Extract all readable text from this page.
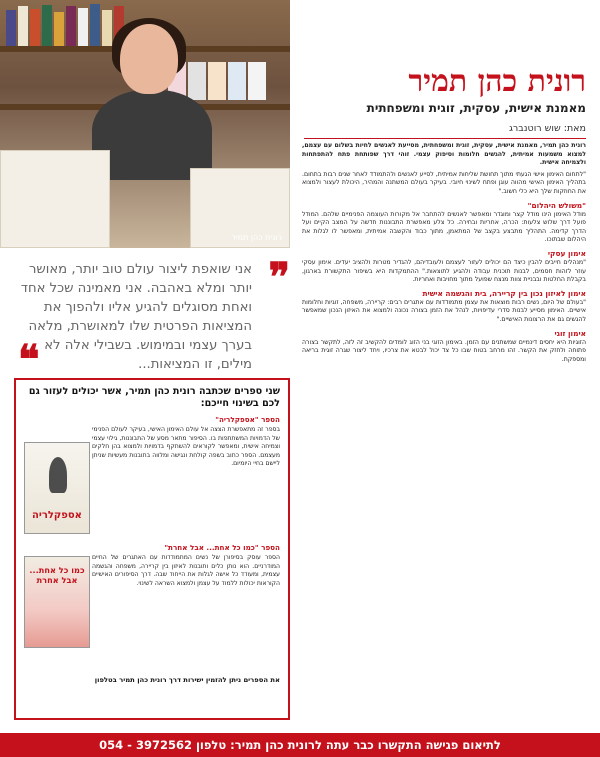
רונית כהן תמיר
רונית כהן תמיר
מאמנת אישית, עסקית, זוגית ומשפחתית
מאת: שוש רוטנברג

רונית כהן תמיר, מאמנת אישית, עסקית, זוגית ומשפחתית, מסייעת לאנשים לחיות בשלום עם עצמם, למצוא משמעות אמיתית, להגשים חלומות וסיפוק עצמי. זוהי דרך שפותחת פתח להתפתחות ולצמיחה אישית.

"לתחום האימון אישי הגעתי מתוך תחושת שליחות אמיתית, לסייע לאנשים ולהתמודד לאחר שנים רבות בתחום. בתהליך האימון האישי מהווה עוגן ופתח לשינוי חיובי. בעיקר בעולם המשתנה והמהיר, היכולת לעצור ולמצוא את החוזקות שלך היא כלי חשוב."

"משולש היהלום"

מודל האימון הינו מודל קצר ומוגדר ומאפשר לאנשים להתחבר אל מקורות העוצמה הפנימיים שלהם. המודל פועל דרך שלוש צלעות: הכרה, אחריות ובחירה. כל צלע מאפשרת התבוננות חדשה על המצב הקיים ועל הדרך קדימה. התהליך מתבצע בקצב של המתאמן, מתוך כבוד והקשבה אמיתית, ומאפשר לו לגלות את היהלום שבתוכו.

אימון עסקי

"מנהלים חייבים להבין כיצד הם יכולים לעזור לעצמם ולעובדיהם, להגדיר מטרות ולהציב יעדים. אימון עסקי עוזר לזהות חסמים, לבנות תוכנית עבודה ולהגיע לתוצאות." ההתמקדות היא בשיפור התקשורת בארגון, בקבלת החלטות ובבניית צוות מנצח שפועל מתוך מחויבות ואחריות.

אימון לאיזון נכון בין קריירה, בית והגשמה אישית

"בעולם של היום, נשים רבות מוצאות את עצמן מתמודדות עם אתגרים רבים: קריירה, משפחה, זוגיות וחלומות אישיים. האימון מסייע לבנות סדרי עדיפויות, לנהל את הזמן בצורה נכונה ולמצוא את האיזון הנכון שמאפשר להגשים גם את הרצונות האישיים."

אימון זוגי

הזוגיות היא יחסים דינמיים שמשתנים עם הזמן. באימון הזוגי בני הזוג לומדים להקשיב זה לזה, לתקשר בצורה פתוחה ולחזק את הקשר. זהו מרחב בטוח שבו כל צד יכול לבטא את צרכיו, ויחד ליצור שגרה זוגית בריאה ומספקת.

❞

אני שואפת ליצור עולם טוב יותר, מאושר יותר ומלא באהבה. אני מאמינה שכל אחד ואחת מסוגלים להגיע אליו ולהפוך את המציאות הפרטית שלו למאושרת, מלאה בערך עצמי ובמימוש. בשבילי אלה לא מילים, זו המציאות...

❝
שני ספרים שכתבה רונית כהן תמיר, אשר יכולים לעזור גם לכם בשינוי חייכם:
הספר "אספקלריה"
בספר זה מתאפשרת הצצה אל עולם האימון האישי, בעיקר לעולם הפנימי של הדמויות המשתתפות בו. הסיפור מתאר מסע של התבוננות, גילוי עצמי וצמיחה אישית, ומאפשר לקוראים להשתקף בדמויות ולמצוא בהן חלקים מעצמם. הספר כתוב בשפה קולחת ונגישה ומלווה בתובנות מעשיות שניתן ליישם בחיי היומיום.
אספקלריה
הספר "כמו כל אחת... אבל אחרת"
הספר עוסק בסיפורן של נשים המתמודדות עם האתגרים של החיים המודרניים. הוא נותן כלים ותובנות לאיזון בין קריירה, משפחה והגשמה עצמית, ומעודד כל אישה לגלות את הייחוד שבה. דרך הסיפורים האישיים הקוראות יכולות ללמוד על עצמן ולמצוא השראה לשינוי.
כמו כל אחת... אבל אחרת
את הספרים ניתן להזמין ישירות דרך רונית כהן תמיר בטלפון
לתיאום פגישה התקשרו כבר עתה לרונית כהן תמיר: טלפון 3972562 - 054
